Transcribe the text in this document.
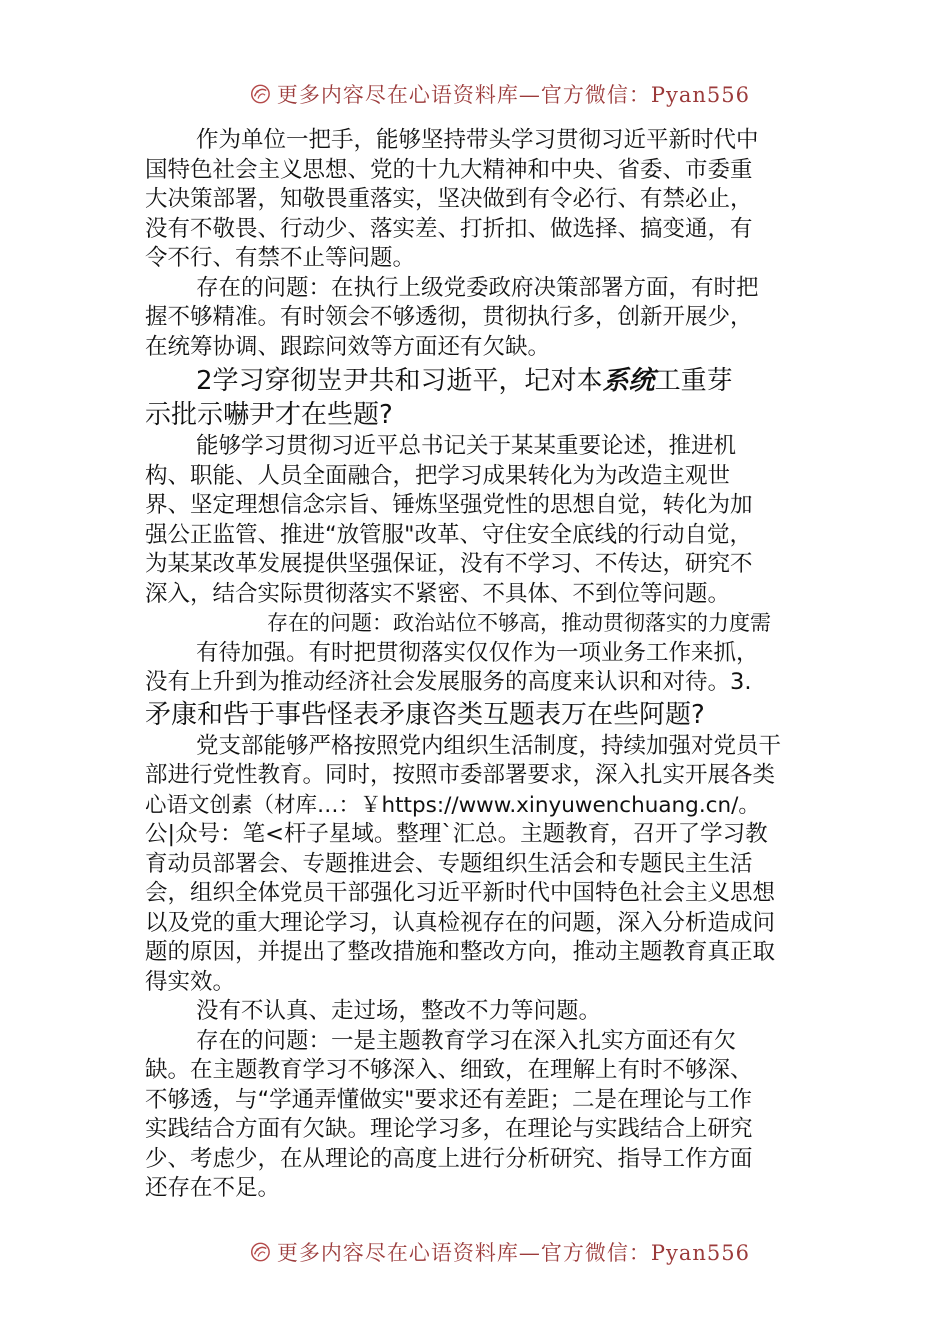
更多内容尽在心语资料库—官方微信：Pyan556
作为单位一把手，能够坚持带头学习贯彻习近平新时代中
国特色社会主义思想、党的十九大精神和中央、省委、市委重
大决策部署，知敬畏重落实，坚决做到有令必行、有禁必止，
没有不敬畏、行动少、落实差、打折扣、做选择、搞变通，有
令不行、有禁不止等问题。
存在的问题：在执行上级党委政府决策部署方面，有时把
握不够精准。有时领会不够透彻，贯彻执行多，创新开展少，
在统筹协调、跟踪问效等方面还有欠缺。
2学习穿彻岦尹共和习逝平，圮对本系统工重芽
示批示嚇尹才在些题?
能够学习贯彻习近平总书记关于某某重要论述，推进机
构、职能、人员全面融合，把学习成果转化为为改造主观世
界、坚定理想信念宗旨、锤炼坚强党性的思想自觉，转化为加
强公正监管、推进“放管服"改革、守住安全底线的行动自觉，
为某某改革发展提供坚强保证，没有不学习、不传达，研究不
深入，结合实际贯彻落实不紧密、不具体、不到位等问题。
存在的问题：政治站位不够高，推动贯彻落实的力度需
有待加强。有时把贯彻落实仅仅作为一项业务工作来抓，
没有上升到为推动经济社会发展服务的高度来认识和对待。3.
矛康和呰于事呰怪表矛康咨类互题表万在些阿题?
党支部能够严格按照党内组织生活制度，持续加强对党员干
部进行党性教育。同时，按照市委部署要求，深入扎实开展各类
心语文创素（材库…：￥https://www.xinyuwenchuang.cn/。
公|众号：笔<杆子星域。整理`汇总。主题教育，召开了学习教
育动员部署会、专题推进会、专题组织生活会和专题民主生活
会，组织全体党员干部强化习近平新时代中国特色社会主义思想
以及党的重大理论学习，认真检视存在的问题，深入分析造成问
题的原因，并提出了整改措施和整改方向，推动主题教育真正取
得实效。
没有不认真、走过场，整改不力等问题。
存在的问题：一是主题教育学习在深入扎实方面还有欠
缺。在主题教育学习不够深入、细致，在理解上有时不够深、
不够透，与“学通弄懂做实"要求还有差距；二是在理论与工作
实践结合方面有欠缺。理论学习多，在理论与实践结合上研究
少、考虑少，在从理论的高度上进行分析研究、指导工作方面
还存在不足。
更多内容尽在心语资料库—官方微信：Pyan556
